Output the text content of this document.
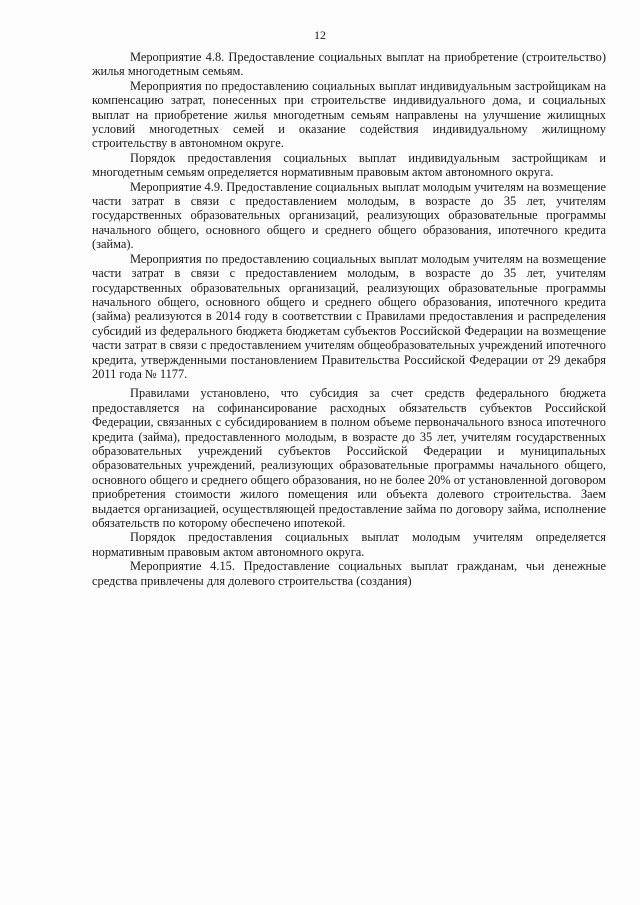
12

Мероприятие 4.8. Предоставление социальных выплат на приобретение (строительство) жилья многодетным семьям.

Мероприятия по предоставлению социальных выплат индивидуальным застройщикам на компенсацию затрат, понесенных при строительстве индивидуального дома, и социальных выплат на приобретение жилья многодетным семьям направлены на улучшение жилищных условий многодетных семей и оказание содействия индивидуальному жилищному строительству в автономном округе.

Порядок предоставления социальных выплат индивидуальным застройщикам и многодетным семьям определяется нормативным правовым актом автономного округа.

Мероприятие 4.9. Предоставление социальных выплат молодым учителям на возмещение части затрат в связи с предоставлением молодым, в возрасте до 35 лет, учителям государственных образовательных организаций, реализующих образовательные программы начального общего, основного общего и среднего общего образования, ипотечного кредита (займа).

Мероприятия по предоставлению социальных выплат молодым учителям на возмещение части затрат в связи с предоставлением молодым, в возрасте до 35 лет, учителям государственных образовательных организаций, реализующих образовательные программы начального общего, основного общего и среднего общего образования, ипотечного кредита (займа) реализуются в 2014 году в соответствии с Правилами предоставления и распределения субсидий из федерального бюджета бюджетам субъектов Российской Федерации на возмещение части затрат в связи с предоставлением учителям общеобразовательных учреждений ипотечного кредита, утвержденными постановлением Правительства Российской Федерации от 29 декабря 2011 года № 1177.

Правилами установлено, что субсидия за счет средств федерального бюджета предоставляется на софинансирование расходных обязательств субъектов Российской Федерации, связанных с субсидированием в полном объеме первоначального взноса ипотечного кредита (займа), предоставленного молодым, в возрасте до 35 лет, учителям государственных образовательных учреждений субъектов Российской Федерации и муниципальных образовательных учреждений, реализующих образовательные программы начального общего, основного общего и среднего общего образования, но не более 20% от установленной договором приобретения стоимости жилого помещения или объекта долевого строительства. Заем выдается организацией, осуществляющей предоставление займа по договору займа, исполнение обязательств по которому обеспечено ипотекой.

Порядок предоставления социальных выплат молодым учителям определяется нормативным правовым актом автономного округа.

Мероприятие 4.15. Предоставление социальных выплат гражданам, чьи денежные средства привлечены для долевого строительства (создания)
